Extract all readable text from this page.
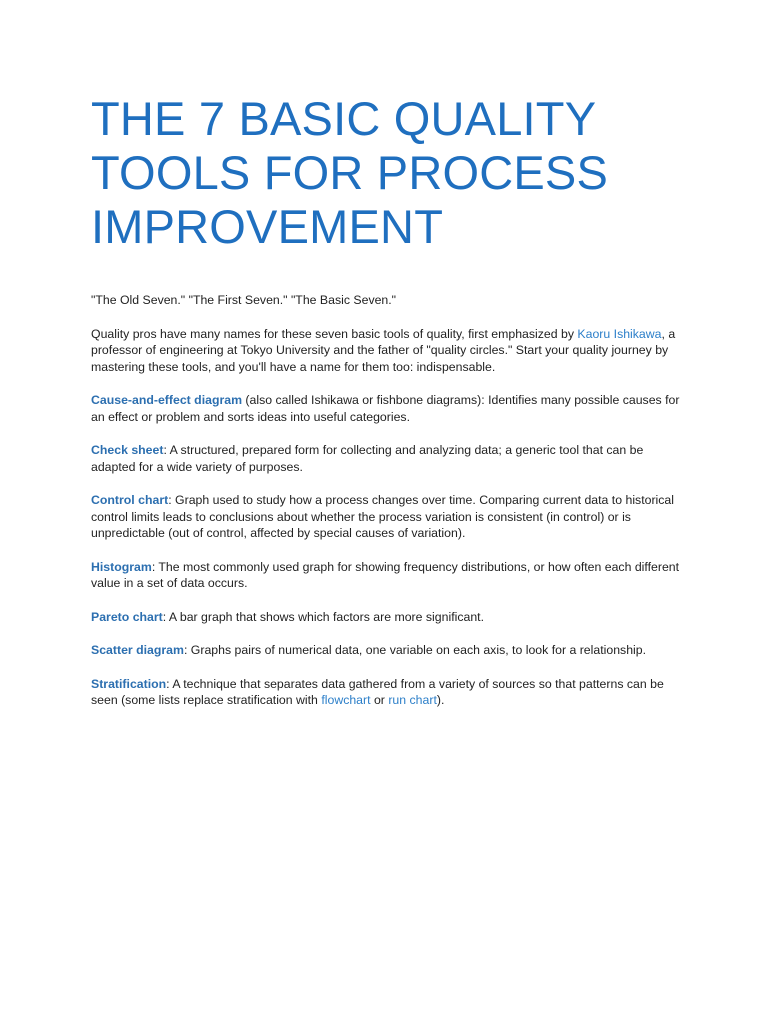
THE 7 BASIC QUALITY
TOOLS FOR PROCESS
IMPROVEMENT

"The Old Seven." "The First Seven." "The Basic Seven."

Quality pros have many names for these seven basic tools of quality, first emphasized by Kaoru Ishikawa, a professor of engineering at Tokyo University and the father of "quality circles." Start your quality journey by mastering these tools, and you'll have a name for them too: indispensable.

Cause-and-effect diagram (also called Ishikawa or fishbone diagrams): Identifies many possible causes for an effect or problem and sorts ideas into useful categories.

Check sheet: A structured, prepared form for collecting and analyzing data; a generic tool that can be adapted for a wide variety of purposes.

Control chart: Graph used to study how a process changes over time. Comparing current data to historical control limits leads to conclusions about whether the process variation is consistent (in control) or is unpredictable (out of control, affected by special causes of variation).

Histogram: The most commonly used graph for showing frequency distributions, or how often each different value in a set of data occurs.

Pareto chart: A bar graph that shows which factors are more significant.

Scatter diagram: Graphs pairs of numerical data, one variable on each axis, to look for a relationship.

Stratification: A technique that separates data gathered from a variety of sources so that patterns can be seen (some lists replace stratification with flowchart or run chart).
